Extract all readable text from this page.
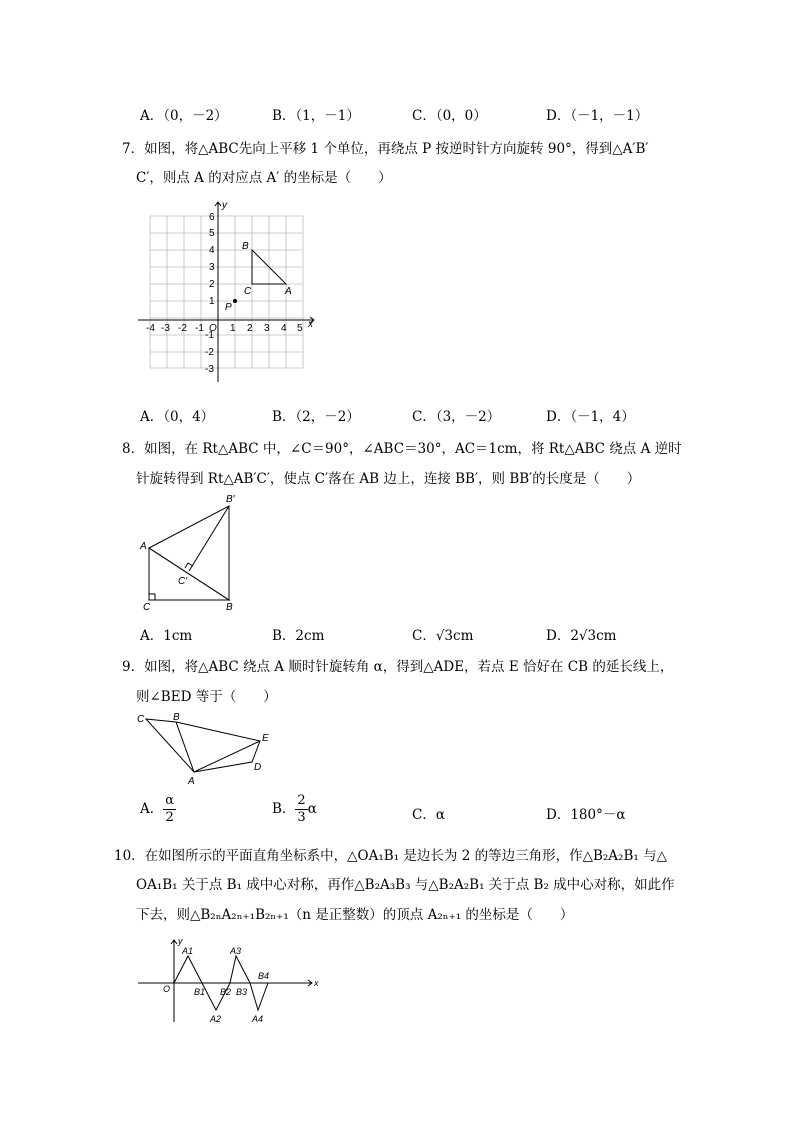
A．（0，－2）	B．（1，－1）	C．（0，0）	D．（－1，－1）
7．如图，将△ABC先向上平移 1 个单位，再绕点 P 按逆时针方向旋转 90°，得到△A′B′
C′，则点 A 的对应点 A′ 的坐标是（　　）
-4 -3 -2 -1 O 1 2 3 4 5 x
y
6
5
4
3
2
1
-1
-2
-3
B
C	A
P
A．（0，4）	B．（2，－2）	C．（3，－2）	D．（－1，4）
8．如图，在 Rt△ABC 中，∠C＝90°，∠ABC＝30°，AC＝1cm，将 Rt△ABC 绕点 A 逆时
针旋转得到 Rt△AB′C′，使点 C′落在 AB 边上，连接 BB′，则 BB′的长度是（　　）
A
B′
C′
C	B
A．1cm	B．2cm	C．√3cm	D．2√3cm
9．如图，将△ABC 绕点 A 顺时针旋转角 α，得到△ADE，若点 E 恰好在 CB 的延长线上，
则∠BED 等于（　　）
C	B
E
D
A
A． $\frac{\alpha}{2}$	B． $\frac{2}{3}$ α	C．α	D．180°－α
10．在如图所示的平面直角坐标系中，△OA₁B₁ 是边长为 2 的等边三角形，作△B₂A₂B₁ 与△
OA₁B₁ 关于点 B₁ 成中心对称，再作△B₂A₃B₃ 与△B₂A₂B₁ 关于点 B₂ 成中心对称，如此作
下去，则△B₂ₙA₂ₙ₊₁B₂ₙ₊₁（n 是正整数）的顶点 A₂ₙ₊₁ 的坐标是（　　）
y
x
O
A1
B1
A2
B2
A3
B3
A4
B4
